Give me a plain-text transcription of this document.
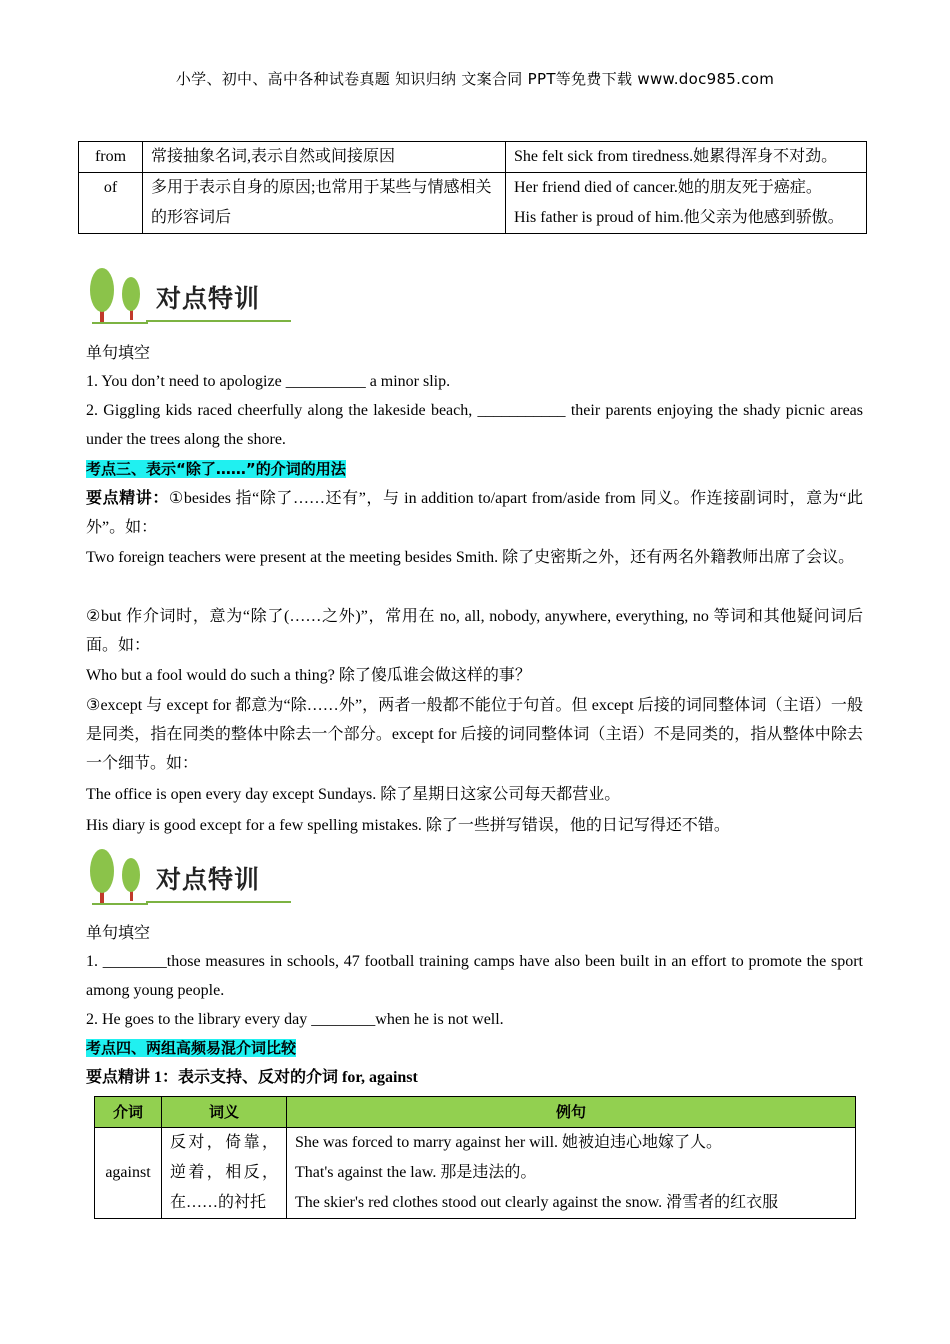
小学、初中、高中各种试卷真题 知识归纳 文案合同 PPT等免费下载 www.doc985.com
from	常接抽象名词,表示自然或间接原因	She felt sick from tiredness.她累得浑身不对劲。

of	多用于表示自身的原因;也常用于某些与情感相关的形容词后	Her friend died of cancer.她的朋友死于癌症。
His father is proud of him.他父亲为他感到骄傲。
对点特训
单句填空
1. You don’t need to apologize __________ a minor slip.
2. Giggling kids raced cheerfully along the lakeside beach, ___________ their parents enjoying the shady picnic areas under the trees along the shore.
考点三、表示“除了……”的介词的用法
要点精讲：①besides 指“除了……还有”，与 in addition to/apart from/aside from 同义。作连接副词时，意为“此外”。如：
Two foreign teachers were present at the meeting besides Smith. 除了史密斯之外，还有两名外籍教师出席了会议。
②but 作介词时，意为“除了(……之外)”，常用在 no, all, nobody, anywhere, everything, no 等词和其他疑问词后面。如：
Who but a fool would do such a thing? 除了傻瓜谁会做这样的事？
③except 与 except for 都意为“除……外”，两者一般都不能位于句首。但 except 后接的词同整体词（主语）一般是同类，指在同类的整体中除去一个部分。except for 后接的词同整体词（主语）不是同类的，指从整体中除去一个细节。如：
The office is open every day except Sundays. 除了星期日这家公司每天都营业。
His diary is good except for a few spelling mistakes. 除了一些拼写错误，他的日记写得还不错。
对点特训
单句填空
1. ________those measures in schools, 47 football training camps have also been built in an effort to promote the sport among young people.
2. He goes to the library every day ________when he is not well.
考点四、两组高频易混介词比较
要点精讲 1：表示支持、反对的介词 for, against
介词	词义	例句
against	反对，倚靠，逆着，相反，在……的衬托	She was forced to marry against her will. 她被迫违心地嫁了人。
That's against the law. 那是违法的。
The skier's red clothes stood out clearly against the snow. 滑雪者的红衣服
